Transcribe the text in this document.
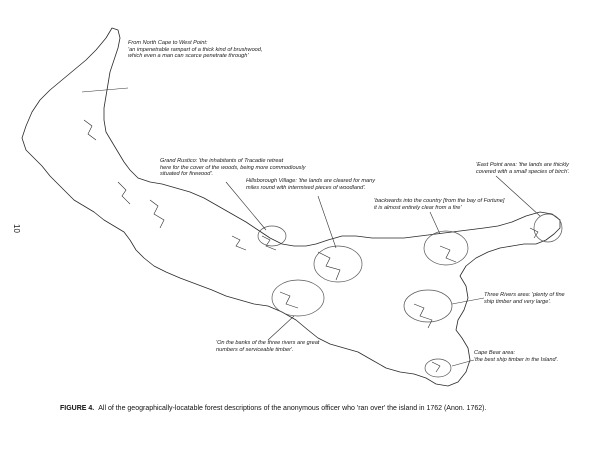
10
From North Cape to West Point:
'an impenetrable rampart of a thick kind of brushwood,
which even a man can scarce penetrate through'
Grand Rustico: 'the inhabitants of Tracadie retreat
here for the cover of the woods, being more commodiously
situated for firewood'.
Hillsborough Village: 'the lands are cleared for many
miles round with intermixed pieces of woodland'.
'backwards into the country [from the bay of Fortune]
it is almost entirely clear from a fire'
'East Point area: 'the lands are thickly
covered with a small species of birch'.
Three Rivers area: 'plenty of fine
ship timber and very large'.
'On the banks of the three rivers are great
numbers of serviceable timber'.
Cape Bear area:
'the best ship timber in the Island'.
FIGURE 4. All of the geographically-locatable forest descriptions of the anonymous officer who 'ran over' the island in 1762 (Anon. 1762).
